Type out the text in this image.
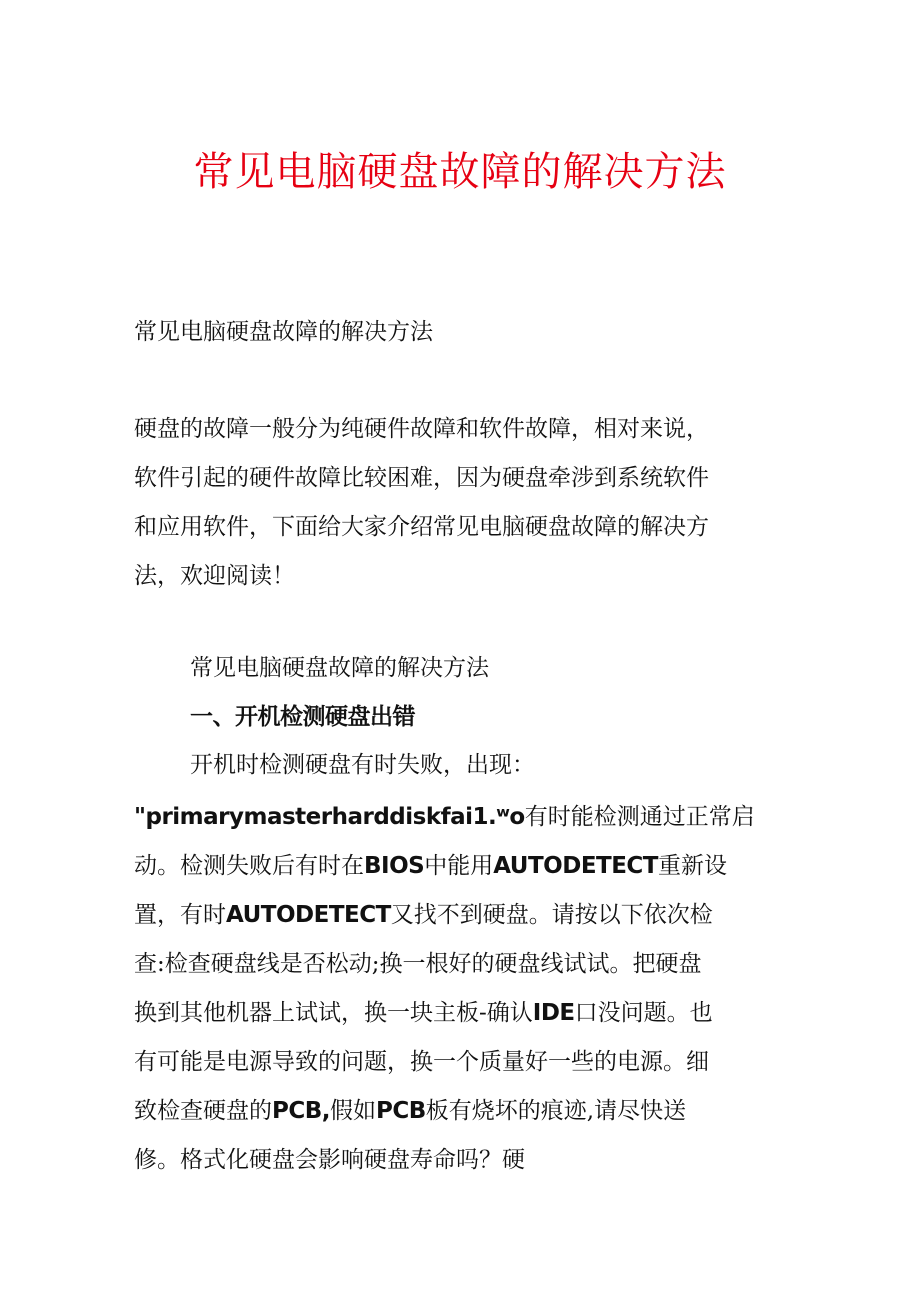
常见电脑硬盘故障的解决方法
常见电脑硬盘故障的解决方法
硬盘的故障一般分为纯硬件故障和软件故障，相对来说，
软件引起的硬件故障比较困难，因为硬盘牵涉到系统软件
和应用软件，下面给大家介绍常见电脑硬盘故障的解决方
法，欢迎阅读！
常见电脑硬盘故障的解决方法
一、开机检测硬盘出错
开机时检测硬盘有时失败，出现：
"primarymasterharddiskfai1.ʷo有时能检测通过正常启
动。检测失败后有时在BIOS中能用AUTODETECT重新设
置，有时AUTODETECT又找不到硬盘。请按以下依次检
查:检查硬盘线是否松动;换一根好的硬盘线试试。把硬盘
换到其他机器上试试，换一块主板-确认IDE口没问题。也
有可能是电源导致的问题，换一个质量好一些的电源。细
致检查硬盘的PCB,假如PCB板有烧坏的痕迹,请尽快送
修。格式化硬盘会影响硬盘寿命吗？硬
